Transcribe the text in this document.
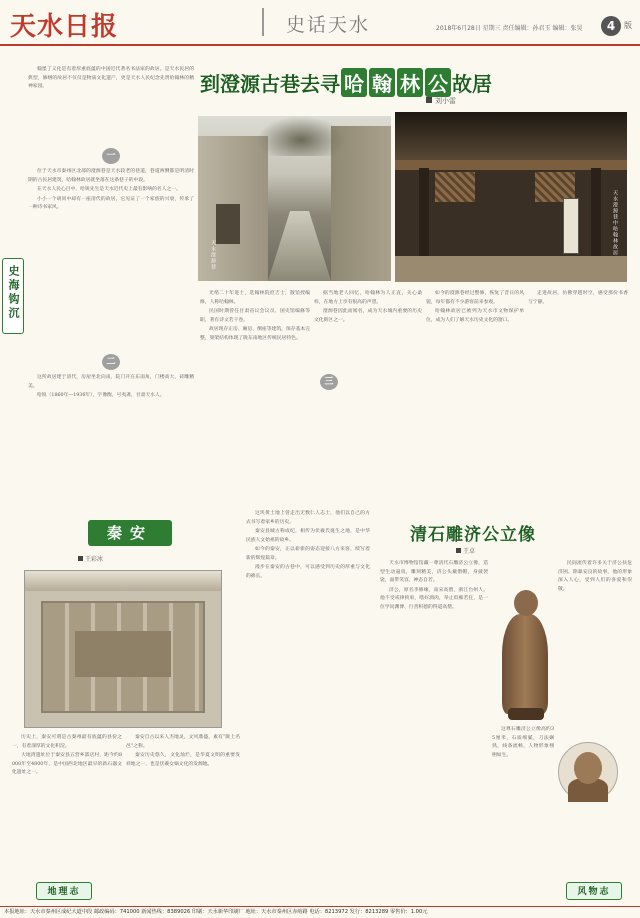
天水日报	史话天水	2018年6月28日 星期三 责任编辑：孙君玉 编辑：张昊	4	版
到澄源古巷去寻 哈 翰 林 公 故居
刘小雷

翰墨丁义化是有着厚重底蕴的中国近代著名书法家的故居。是天水民居的典型，修缮的故居不仅仅是物质文化遗产，更是天水人民纪念先贤哈翰林的精神家园。

一

位于天水市秦州区北部的澄源巷是天水较老的巷道，巷道两侧都是明清时期的古民居建筑，哈翰林故居就坐落在这条巷子的中段。

在天水人民心目中，哈锐先生是天水近代史上最有影响的名人之一。

小小一个胡同中却有一座清代的故居，它见证了一个家族的兴衰，传承了一种诗书家风。

二

这所故居建于清代，房屋坐北向南，院门开在东南角，门楼高大，砖雕精美。

哈锐（1860年—1936年），字豫衡，号夷斋，甘肃天水人。

光绪二十年进士，选翰林院庶吉士，散馆授编修，人称哈翰林。

民国时期曾任甘肃省议会议员、国史馆编修等职，著有诗文若干卷。

故居现存正房、厢房、倒座等建筑，保存基本完整，梁架结构体现了陇东南地区传统民居特色。

三

据当地老人回忆，哈翰林为人正直，关心桑梓，在地方上享有很高的声望。

澄源巷因此而闻名，成为天水城内重要的历史文化街区之一。

如今的澄源巷经过整修，恢复了昔日的风貌，每年都有不少游客前来参观。

哈翰林故居已被列为天水市文物保护单位，成为人们了解天水历史文化的窗口。

走进故居，仿佛穿越时空，感受那份书香与宁静。

天水澄源巷	天水澄源巷中哈翰林故居
史海钩沉
秦安
王彩冰

历史上，秦安可谓是古秦州最有底蕴的县份之一，有着深厚的文化积淀。

大地湾遗址位于秦安县五营乡邵店村，距今约8000年至4800年，是中国西北地区最早的新石器文化遗址之一。

秦安自古以来人杰地灵，文风鼎盛，素有“陇上名邑”之称。

秦安历史悠久，文化灿烂，是华夏文明的重要发祥地之一，也是伏羲女娲文化的发源地。

地理志

这块黄土地上曾走出无数仁人志士，他们以自己的方式书写着家乡的历史。

秦安县城古称成纪，相传为伏羲氏诞生之地，是中华民族人文始祖的故乡。

如今的秦安，正以崭新的姿态迎接八方来客，续写着新的辉煌篇章。

漫步在秦安的古巷中，可以感受到历史的厚重与文化的绵长。

清石雕济公立像
王卓

天水市博物馆馆藏一尊清代石雕济公立像，造型生动逼真，雕刻精美，济公头戴僧帽，身披袈裟，面带笑容，神态自若。

济公，原名李修缘，南宋高僧，浙江台州人。他不受戒律拘束，嗜好酒肉，举止似痴若狂，是一位学问渊博、行善积德的得道高僧。

这尊石雕济公立像高约35厘米，石质细腻，刀法娴熟，线条流畅，人物形象栩栩如生。

民间流传着许多关于济公扶危济困、除暴安良的故事，他的形象深入人心，受到人们的喜爱和崇敬。

风物志
本报地址：天水市秦州区成纪大道中段 邮政编码：741000 新闻热线：8389026 印刷：天水新华印刷厂 地址：天水市秦州区赤峪路 电话：8213972 发行：8213289 零售价：1.00元
